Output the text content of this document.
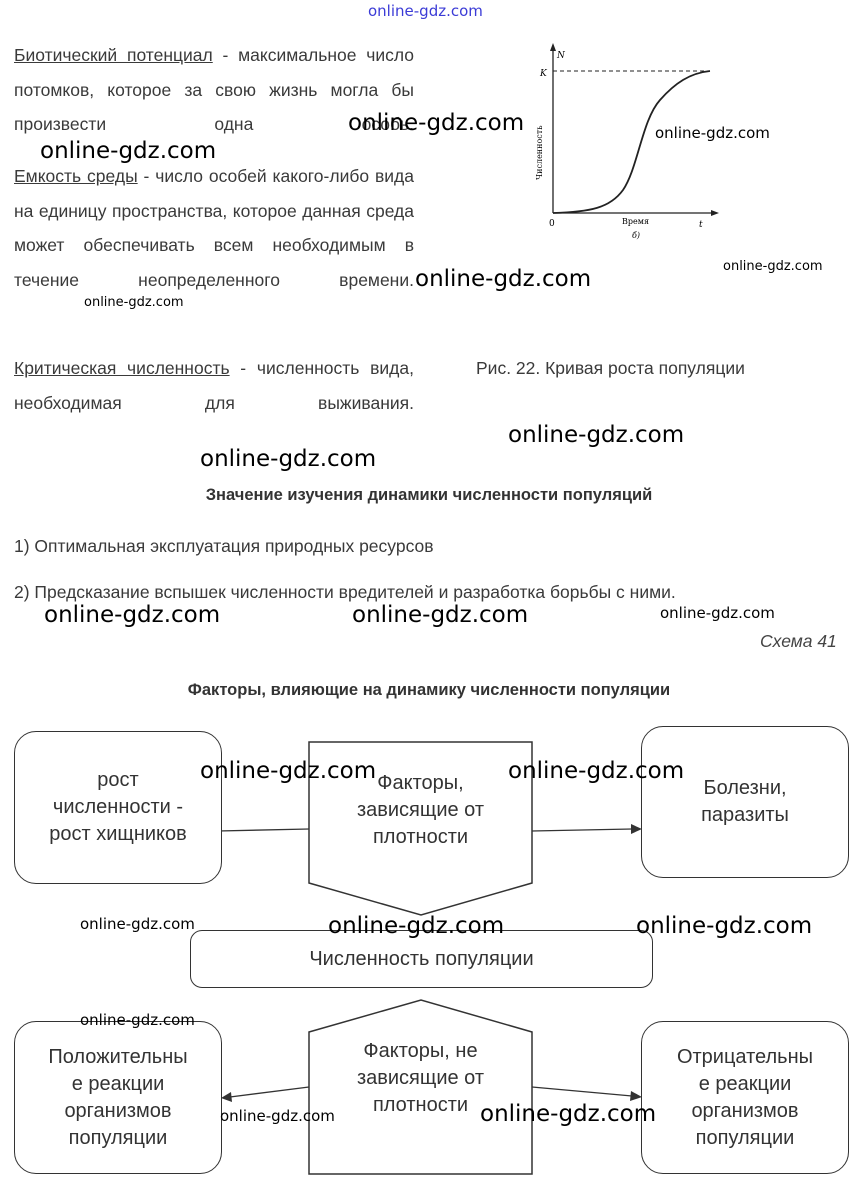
online-gdz.com
Биотический потенциал - максимальное число потомков, которое за свою жизнь могла бы произвести одна особь.
Емкость среды - число особей какого-либо вида на единицу пространства, которое данная среда может обеспечивать всем необходимым в течение неопределенного времени.
Критическая численность - численность вида, необходимая для выживания.
N
K
0	Время	t
б)
Численность
Рис. 22. Кривая роста популяции
Значение изучения динамики численности популяций
1) Оптимальная эксплуатация природных ресурсов
2) Предсказание вспышек численности вредителей и разработка борьбы с ними.
Схема 41
Факторы, влияющие на динамику численности популяции
рост
численности -
рост хищников
Факторы,
зависящие от
плотности
Болезни,
паразиты
Численность популяции
Положительны
е реакции
организмов
популяции
Факторы, не
зависящие от
плотности
Отрицательны
е реакции
организмов
популяции
online-gdz.com
online-gdz.com
online-gdz.com
online-gdz.com	online-gdz.com
online-gdz.com
online-gdz.com
online-gdz.com
online-gdz.com	online-gdz.com	online-gdz.com
online-gdz.com	online-gdz.com
online-gdz.com	online-gdz.com	online-gdz.com
online-gdz.com
online-gdz.com	online-gdz.com
